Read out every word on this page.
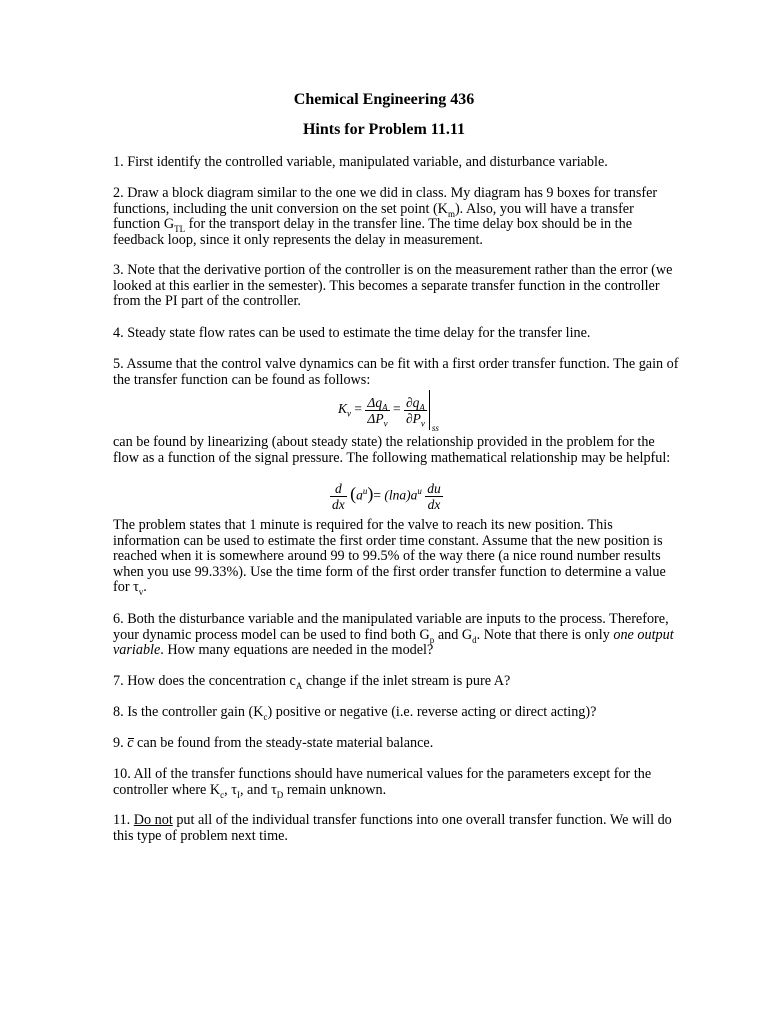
Chemical Engineering 436
Hints for Problem 11.11

1. First identify the controlled variable, manipulated variable, and disturbance variable.

2. Draw a block diagram similar to the one we did in class. My diagram has 9 boxes for transfer functions, including the unit conversion on the set point $(K_m)$. Also, you will have a transfer function $G_{TL}$ for the transport delay in the transfer line. The time delay box should be in the feedback loop, since it only represents the delay in measurement.

3. Note that the derivative portion of the controller is on the measurement rather than the error (we looked at this earlier in the semester). This becomes a separate transfer function in the controller from the PI part of the controller.

4. Steady state flow rates can be used to estimate the time delay for the transfer line.

5. Assume that the control valve dynamics can be fit with a first order transfer function. The gain of the transfer function can be found as follows:

$K_v = \frac{\Delta q_A}{\Delta P_v} = \frac{\partial q_A}{\partial P_v}$
ss

can be found by linearizing (about steady state) the relationship provided in the problem for the flow as a function of the signal pressure. The following mathematical relationship may be helpful:

$\frac{d}{dx} (a^u)= (\ln a)a^u \frac{du}{dx}$

The problem states that 1 minute is required for the valve to reach its new position. This information can be used to estimate the first order time constant. Assume that the new position is reached when it is somewhere around 99 to 99.5% of the way there (a nice round number results when you use 99.33%). Use the time form of the first order transfer function to determine a value for $\tau_v$.

6. Both the disturbance variable and the manipulated variable are inputs to the process. Therefore, your dynamic process model can be used to find both $G_p$ and $G_d$. Note that there is only one output variable. How many equations are needed in the model?

7. How does the concentration $c_A$ change if the inlet stream is pure A?

8. Is the controller gain $(K_c)$ positive or negative (i.e. reverse acting or direct acting)?

9. c can be found from the steady-state material balance.

10. All of the transfer functions should have numerical values for the parameters except for the controller where $K_c$, $\tau_I$, and $\tau_D$ remain unknown.

11. Do not put all of the individual transfer functions into one overall transfer function. We will do this type of problem next time.
